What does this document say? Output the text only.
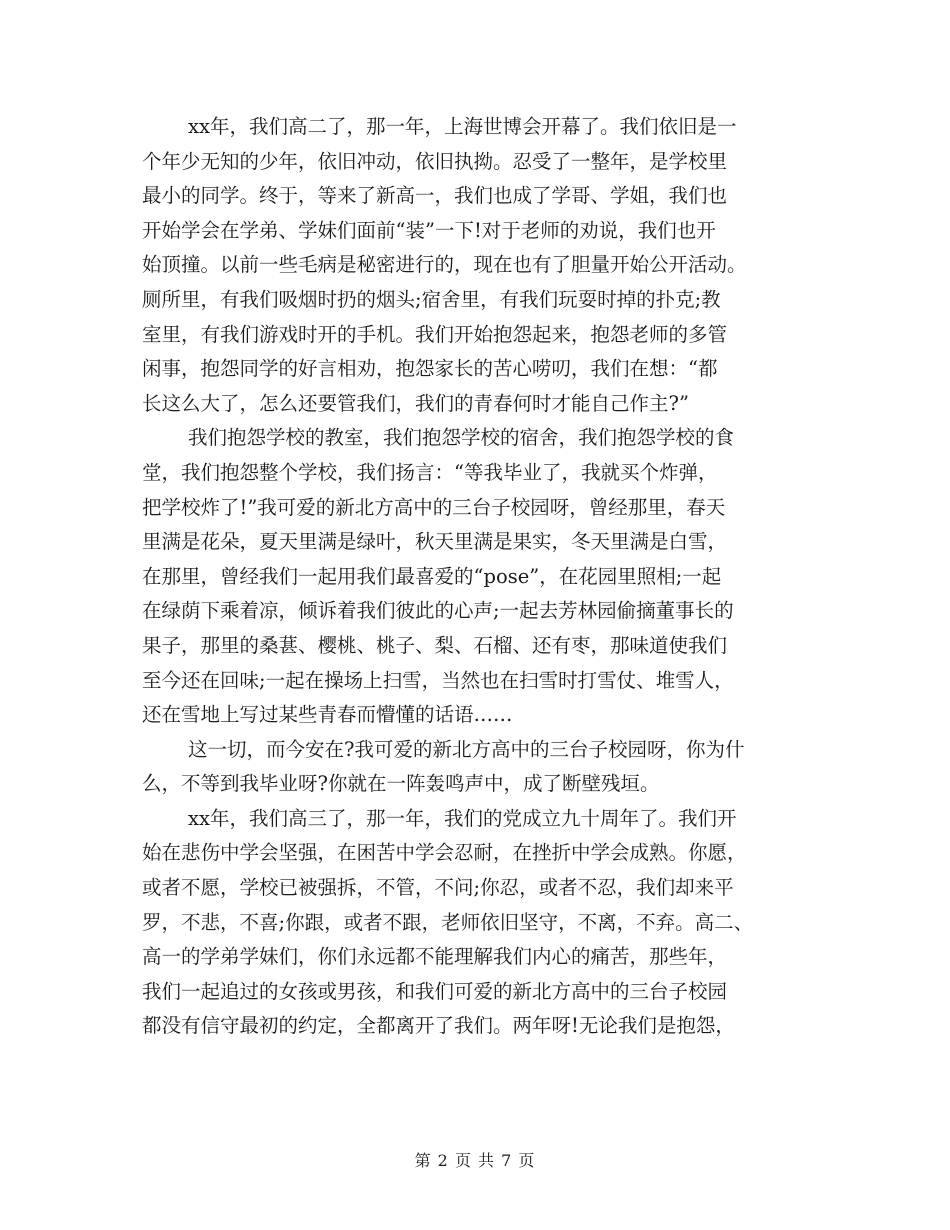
xx年，我们高二了，那一年，上海世博会开幕了。我们依旧是一
个年少无知的少年，依旧冲动，依旧执拗。忍受了一整年，是学校里
最小的同学。终于，等来了新高一，我们也成了学哥、学姐，我们也
开始学会在学弟、学妹们面前“装”一下!对于老师的劝说，我们也开
始顶撞。以前一些毛病是秘密进行的，现在也有了胆量开始公开活动。
厕所里，有我们吸烟时扔的烟头;宿舍里，有我们玩耍时掉的扑克;教
室里，有我们游戏时开的手机。我们开始抱怨起来，抱怨老师的多管
闲事，抱怨同学的好言相劝，抱怨家长的苦心唠叨，我们在想：“都
长这么大了，怎么还要管我们，我们的青春何时才能自己作主?”
我们抱怨学校的教室，我们抱怨学校的宿舍，我们抱怨学校的食
堂，我们抱怨整个学校，我们扬言：“等我毕业了，我就买个炸弹，
把学校炸了!”我可爱的新北方高中的三台子校园呀，曾经那里，春天
里满是花朵，夏天里满是绿叶，秋天里满是果实，冬天里满是白雪，
在那里，曾经我们一起用我们最喜爱的“pose”，在花园里照相;一起
在绿荫下乘着凉，倾诉着我们彼此的心声;一起去芳林园偷摘董事长的
果子，那里的桑葚、樱桃、桃子、梨、石榴、还有枣，那味道使我们
至今还在回味;一起在操场上扫雪，当然也在扫雪时打雪仗、堆雪人，
还在雪地上写过某些青春而懵懂的话语……
这一切，而今安在?我可爱的新北方高中的三台子校园呀，你为什
么，不等到我毕业呀?你就在一阵轰鸣声中，成了断壁残垣。
xx年，我们高三了，那一年，我们的党成立九十周年了。我们开
始在悲伤中学会坚强，在困苦中学会忍耐，在挫折中学会成熟。你愿，
或者不愿，学校已被强拆，不管，不问;你忍，或者不忍，我们却来平
罗，不悲，不喜;你跟，或者不跟，老师依旧坚守，不离，不弃。高二、
高一的学弟学妹们，你们永远都不能理解我们内心的痛苦，那些年，
我们一起追过的女孩或男孩，和我们可爱的新北方高中的三台子校园
都没有信守最初的约定，全都离开了我们。两年呀!无论我们是抱怨，
第 2 页 共 7 页
